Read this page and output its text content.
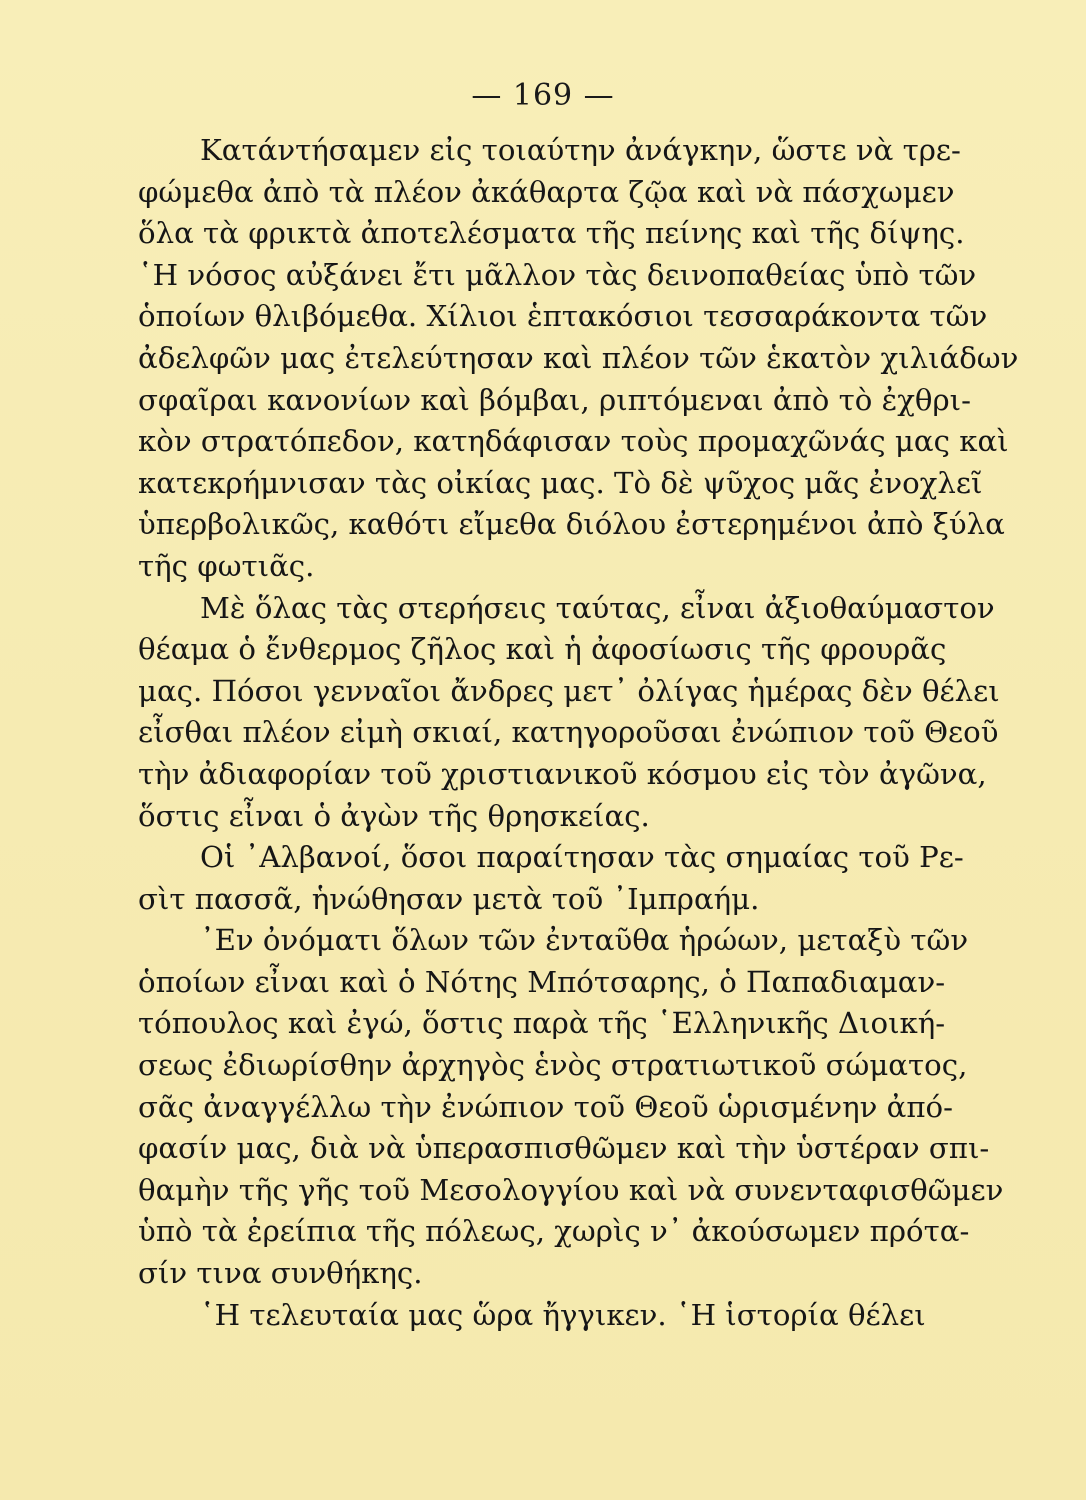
— 169 —
Κατάντήσαμεν εἰς τοιαύτην ἀνάγκην, ὥστε νὰ τρε-
φώμεθα ἀπὸ τὰ πλέον ἀκάθαρτα ζῷα καὶ νὰ πάσχωμεν
ὅλα τὰ φρικτὰ ἀποτελέσματα τῆς πείνης καὶ τῆς δίψης.
῾Η νόσος αὐξάνει ἔτι μᾶλλον τὰς δεινοπαθείας ὑπὸ τῶν
ὁποίων θλιβόμεθα. Χίλιοι ἑπτακόσιοι τεσσαράκοντα τῶν
ἀδελφῶν μας ἐτελεύτησαν καὶ πλέον τῶν ἑκατὸν χιλιάδων
σφαῖραι κανονίων καὶ βόμβαι, ριπτόμεναι ἀπὸ τὸ ἐχθρι-
κὸν στρατόπεδον, κατηδάφισαν τοὺς προμαχῶνάς μας καὶ
κατεκρήμνισαν τὰς οἰκίας μας. Τὸ δὲ ψῦχος μᾶς ἐνοχλεῖ
ὑπερβολικῶς, καθότι εἴμεθα διόλου ἐστερημένοι ἀπὸ ξύλα
τῆς φωτιᾶς.
Μὲ ὅλας τὰς στερήσεις ταύτας, εἶναι ἀξιοθαύμαστον
θέαμα ὁ ἔνθερμος ζῆλος καὶ ἡ ἀφοσίωσις τῆς φρουρᾶς
μας. Πόσοι γενναῖοι ἄνδρες μετ᾽ ὀλίγας ἡμέρας δὲν θέλει
εἶσθαι πλέον εἰμὴ σκιαί, κατηγοροῦσαι ἐνώπιον τοῦ Θεοῦ
τὴν ἀδιαφορίαν τοῦ χριστιανικοῦ κόσμου εἰς τὸν ἀγῶνα,
ὅστις εἶναι ὁ ἀγὼν τῆς θρησκείας.
Οἱ ᾿Αλβανοί, ὅσοι παραίτησαν τὰς σημαίας τοῦ Ρε-
σὶτ πασσᾶ, ἡνώθησαν μετὰ τοῦ ᾿Ιμπραήμ.
᾿Εν ὀνόματι ὅλων τῶν ἐνταῦθα ἡρώων, μεταξὺ τῶν
ὁποίων εἶναι καὶ ὁ Νότης Μπότσαρης, ὁ Παπαδιαμαν-
τόπουλος καὶ ἐγώ, ὅστις παρὰ τῆς ῾Ελληνικῆς Διοική-
σεως ἐδιωρίσθην ἀρχηγὸς ἑνὸς στρατιωτικοῦ σώματος,
σᾶς ἀναγγέλλω τὴν ἐνώπιον τοῦ Θεοῦ ὡρισμένην ἀπό-
φασίν μας, διὰ νὰ ὑπερασπισθῶμεν καὶ τὴν ὑστέραν σπι-
θαμὴν τῆς γῆς τοῦ Μεσολογγίου καὶ νὰ συνενταφισθῶμεν
ὑπὸ τὰ ἐρείπια τῆς πόλεως, χωρὶς ν᾽ ἀκούσωμεν πρότα-
σίν τινα συνθήκης.
῾Η τελευταία μας ὥρα ἤγγικεν. ῾Η ἱστορία θέλει
